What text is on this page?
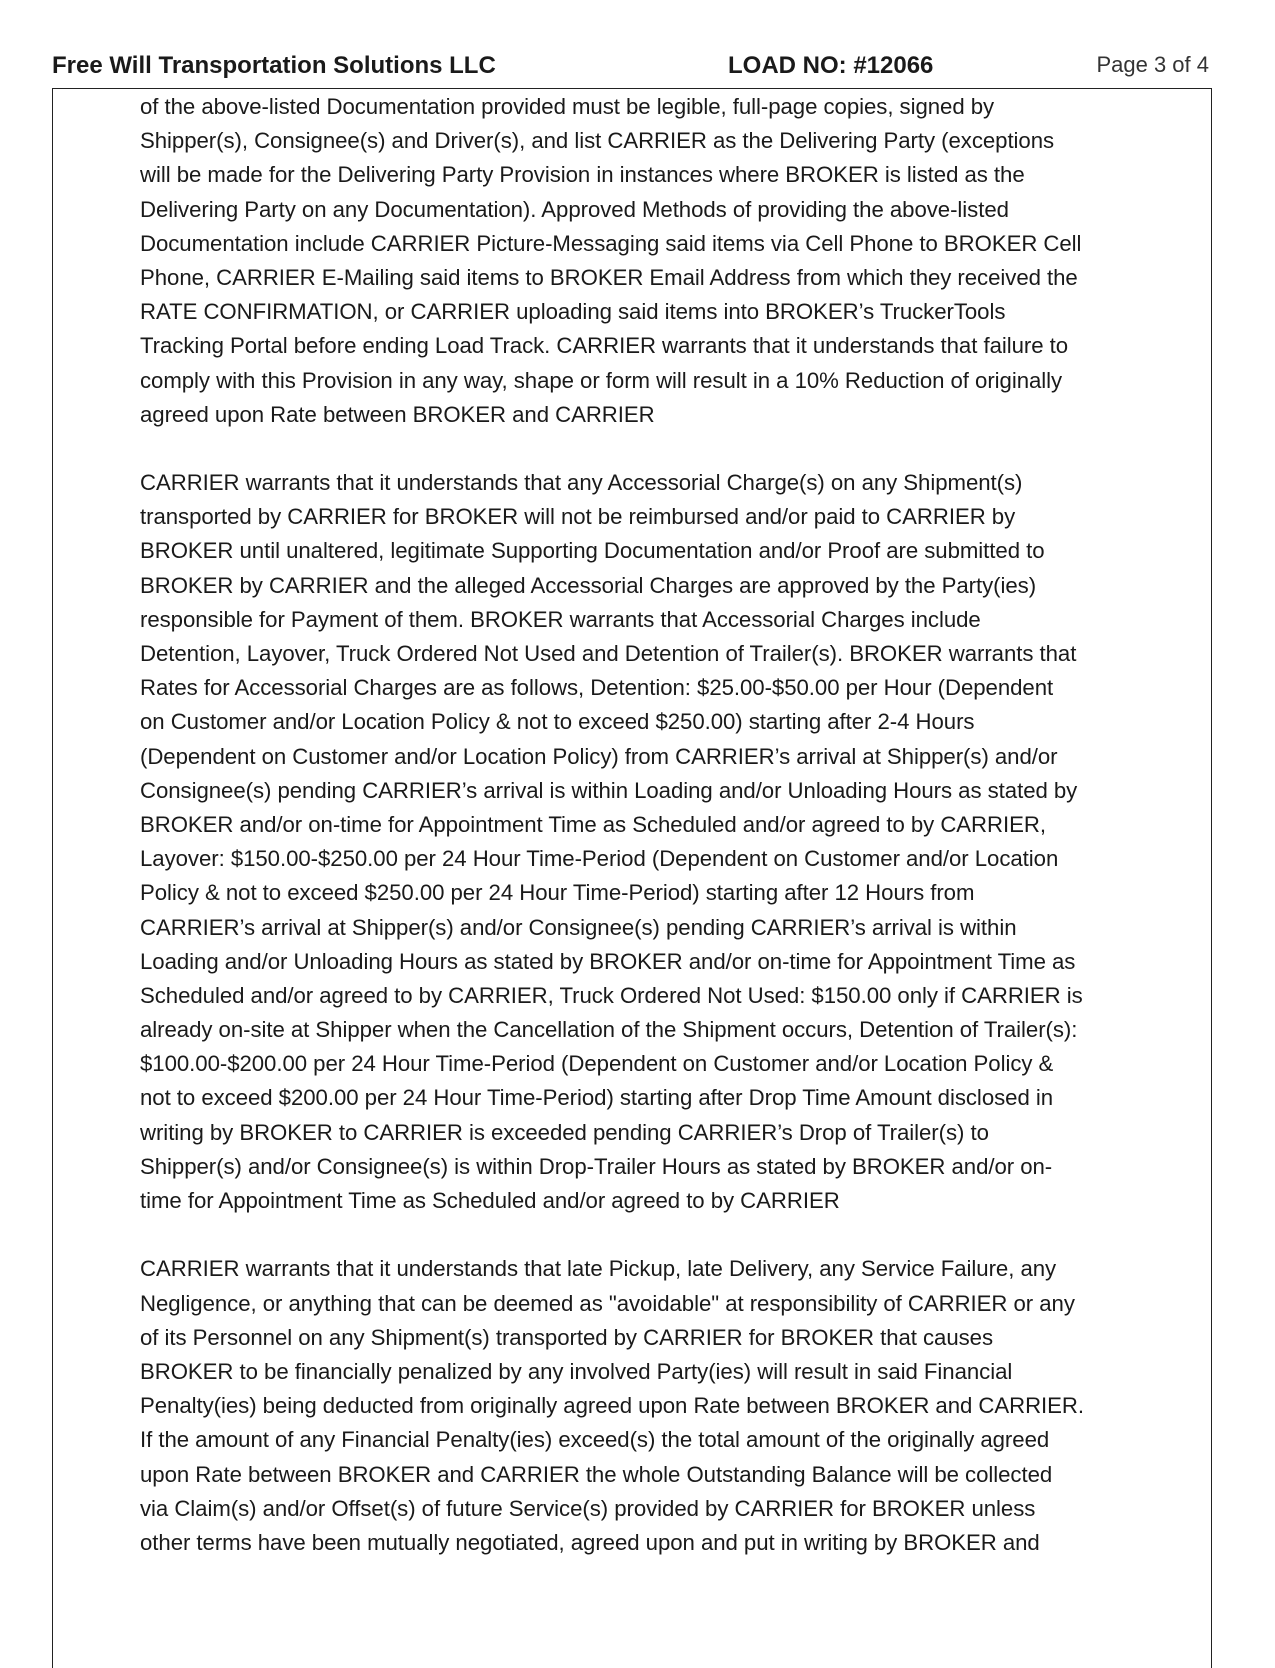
Free Will Transportation Solutions LLC	LOAD NO: #12066	Page 3 of 4
of the above-listed Documentation provided must be legible, full-page copies, signed by
Shipper(s), Consignee(s) and Driver(s), and list CARRIER as the Delivering Party (exceptions
will be made for the Delivering Party Provision in instances where BROKER is listed as the
Delivering Party on any Documentation). Approved Methods of providing the above-listed
Documentation include CARRIER Picture-Messaging said items via Cell Phone to BROKER Cell
Phone, CARRIER E-Mailing said items to BROKER Email Address from which they received the
RATE CONFIRMATION, or CARRIER uploading said items into BROKER’s TruckerTools
Tracking Portal before ending Load Track. CARRIER warrants that it understands that failure to
comply with this Provision in any way, shape or form will result in a 10% Reduction of originally
agreed upon Rate between BROKER and CARRIER
CARRIER warrants that it understands that any Accessorial Charge(s) on any Shipment(s)
transported by CARRIER for BROKER will not be reimbursed and/or paid to CARRIER by
BROKER until unaltered, legitimate Supporting Documentation and/or Proof are submitted to
BROKER by CARRIER and the alleged Accessorial Charges are approved by the Party(ies)
responsible for Payment of them. BROKER warrants that Accessorial Charges include
Detention, Layover, Truck Ordered Not Used and Detention of Trailer(s). BROKER warrants that
Rates for Accessorial Charges are as follows, Detention: $25.00-$50.00 per Hour (Dependent
on Customer and/or Location Policy & not to exceed $250.00) starting after 2-4 Hours
(Dependent on Customer and/or Location Policy) from CARRIER’s arrival at Shipper(s) and/or
Consignee(s) pending CARRIER’s arrival is within Loading and/or Unloading Hours as stated by
BROKER and/or on-time for Appointment Time as Scheduled and/or agreed to by CARRIER,
Layover: $150.00-$250.00 per 24 Hour Time-Period (Dependent on Customer and/or Location
Policy & not to exceed $250.00 per 24 Hour Time-Period) starting after 12 Hours from
CARRIER’s arrival at Shipper(s) and/or Consignee(s) pending CARRIER’s arrival is within
Loading and/or Unloading Hours as stated by BROKER and/or on-time for Appointment Time as
Scheduled and/or agreed to by CARRIER, Truck Ordered Not Used: $150.00 only if CARRIER is
already on-site at Shipper when the Cancellation of the Shipment occurs, Detention of Trailer(s):
$100.00-$200.00 per 24 Hour Time-Period (Dependent on Customer and/or Location Policy &
not to exceed $200.00 per 24 Hour Time-Period) starting after Drop Time Amount disclosed in
writing by BROKER to CARRIER is exceeded pending CARRIER’s Drop of Trailer(s) to
Shipper(s) and/or Consignee(s) is within Drop-Trailer Hours as stated by BROKER and/or on-
time for Appointment Time as Scheduled and/or agreed to by CARRIER
CARRIER warrants that it understands that late Pickup, late Delivery, any Service Failure, any
Negligence, or anything that can be deemed as "avoidable" at responsibility of CARRIER or any
of its Personnel on any Shipment(s) transported by CARRIER for BROKER that causes
BROKER to be financially penalized by any involved Party(ies) will result in said Financial
Penalty(ies) being deducted from originally agreed upon Rate between BROKER and CARRIER.
If the amount of any Financial Penalty(ies) exceed(s) the total amount of the originally agreed
upon Rate between BROKER and CARRIER the whole Outstanding Balance will be collected
via Claim(s) and/or Offset(s) of future Service(s) provided by CARRIER for BROKER unless
other terms have been mutually negotiated, agreed upon and put in writing by BROKER and
